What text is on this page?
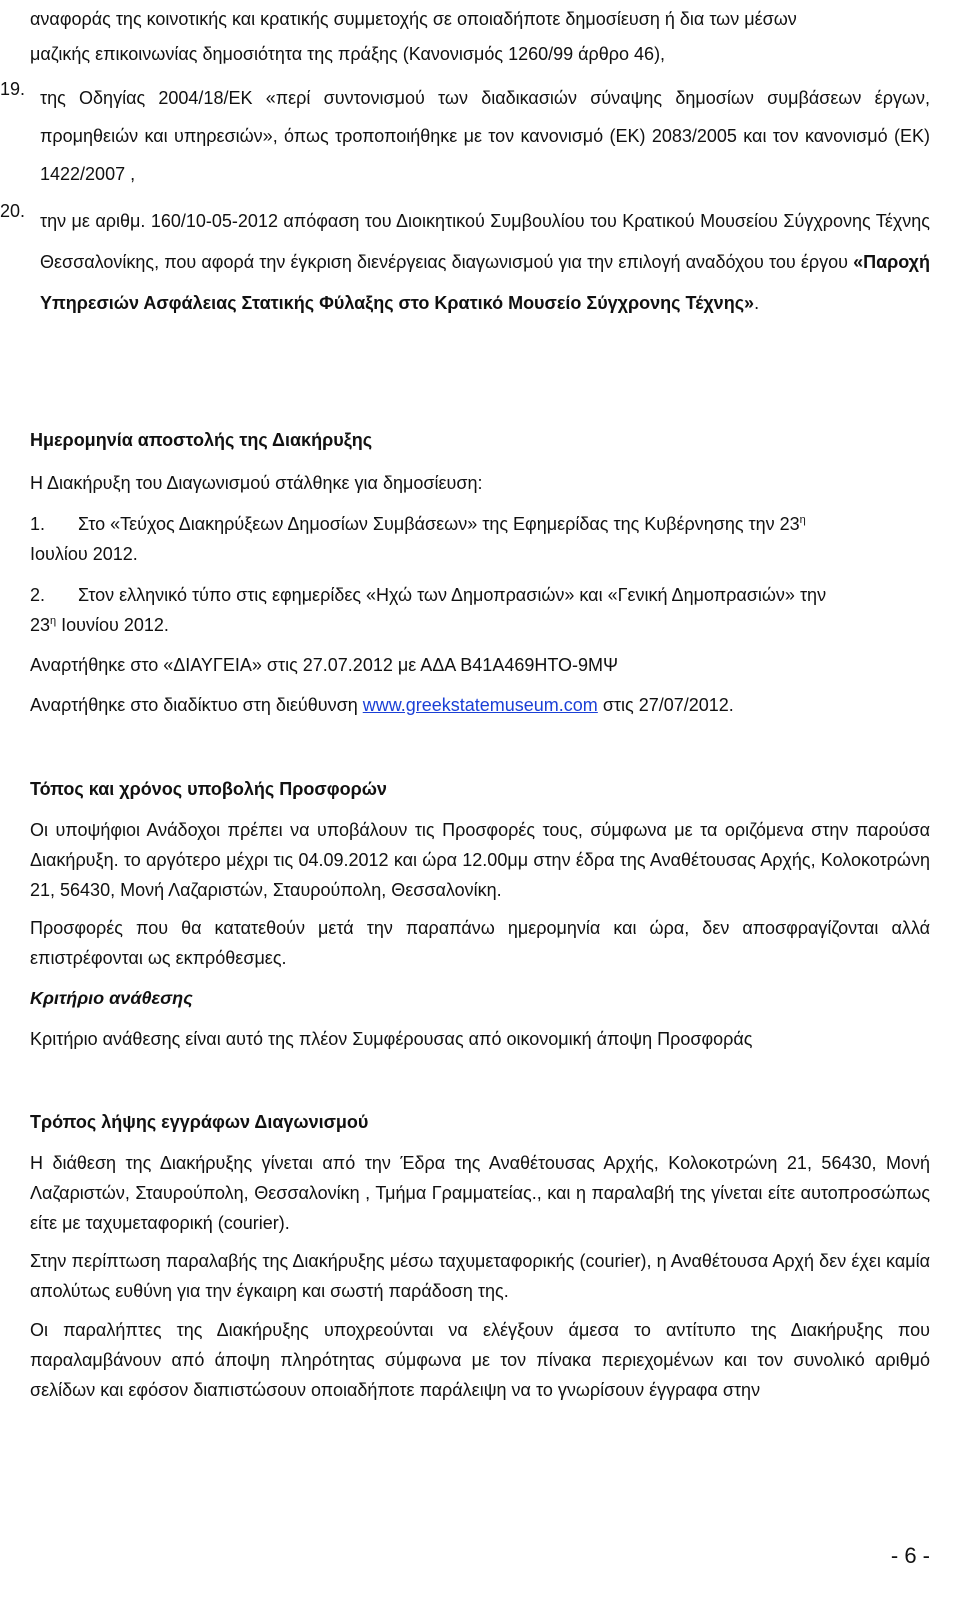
αναφοράς της κοινοτικής και κρατικής συμμετοχής σε οποιαδήποτε δημοσίευση ή δια των μέσων

μαζικής επικοινωνίας δημοσιότητα της πράξης (Κανονισμός 1260/99 άρθρο 46),

19. της Οδηγίας 2004/18/ΕΚ «περί συντονισμού των διαδικασιών σύναψης δημοσίων συμβάσεων έργων, προμηθειών και υπηρεσιών», όπως τροποποιήθηκε με τον κανονισμό (ΕΚ) 2083/2005 και τον κανονισμό (ΕΚ) 1422/2007 ,
20. την με αριθμ. 160/10-05-2012 απόφαση του Διοικητικού Συμβουλίου του Κρατικού Μουσείου Σύγχρονης Τέχνης Θεσσαλονίκης, που αφορά την έγκριση διενέργειας διαγωνισμού για την επιλογή αναδόχου του έργου «Παροχή Υπηρεσιών Ασφάλειας Στατικής Φύλαξης στο Κρατικό Μουσείο Σύγχρονης Τέχνης».
Ημερομηνία αποστολής της Διακήρυξης

Η Διακήρυξη του Διαγωνισμού στάλθηκε για δημοσίευση:

1. Στο «Τεύχος Διακηρύξεων Δημοσίων Συμβάσεων» της Εφημερίδας της Κυβέρνησης την $23^\eta$
Ιουλίου 2012.
2. Στον ελληνικό τύπο στις εφημερίδες «Ηχώ των Δημοπρασιών» και «Γενική Δημοπρασιών» την
$23^\eta$ Ιουνίου 2012.

Αναρτήθηκε στο «ΔΙΑΥΓΕΙΑ» στις 27.07.2012 με ΑΔΑ B41A469HTO-9MΨ

Αναρτήθηκε στο διαδίκτυο στη διεύθυνση www.greekstatemuseum.com στις 27/07/2012.

Τόπος και χρόνος υποβολής Προσφορών

Οι υποψήφιοι Ανάδοχοι πρέπει να υποβάλουν τις Προσφορές τους, σύμφωνα με τα οριζόμενα στην παρούσα Διακήρυξη. το αργότερο μέχρι τις 04.09.2012 και ώρα 12.00μμ στην έδρα της Αναθέτουσας Αρχής, Κολοκοτρώνη 21, 56430, Μονή Λαζαριστών, Σταυρούπολη, Θεσσαλονίκη.

Προσφορές που θα κατατεθούν μετά την παραπάνω ημερομηνία και ώρα, δεν αποσφραγίζονται αλλά επιστρέφονται ως εκπρόθεσμες.

Κριτήριο ανάθεσης

Κριτήριο ανάθεσης είναι αυτό της πλέον Συμφέρουσας από οικονομική άποψη Προσφοράς

Τρόπος λήψης εγγράφων Διαγωνισμού

Η διάθεση της Διακήρυξης γίνεται από την Έδρα της Αναθέτουσας Αρχής, Κολοκοτρώνη 21, 56430, Μονή Λαζαριστών, Σταυρούπολη, Θεσσαλονίκη , Τμήμα Γραμματείας., και η παραλαβή της γίνεται είτε αυτοπροσώπως είτε με ταχυμεταφορική (courier).

Στην περίπτωση παραλαβής της Διακήρυξης μέσω ταχυμεταφορικής (courier), η Αναθέτουσα Αρχή δεν έχει καμία απολύτως ευθύνη για την έγκαιρη και σωστή παράδοση της.

Οι παραλήπτες της Διακήρυξης υποχρεούνται να ελέγξουν άμεσα το αντίτυπο της Διακήρυξης που παραλαμβάνουν από άποψη πληρότητας σύμφωνα με τον πίνακα περιεχομένων και τον συνολικό αριθμό σελίδων και εφόσον διαπιστώσουν οποιαδήποτε παράλειψη να το γνωρίσουν έγγραφα στην

- 6 -
